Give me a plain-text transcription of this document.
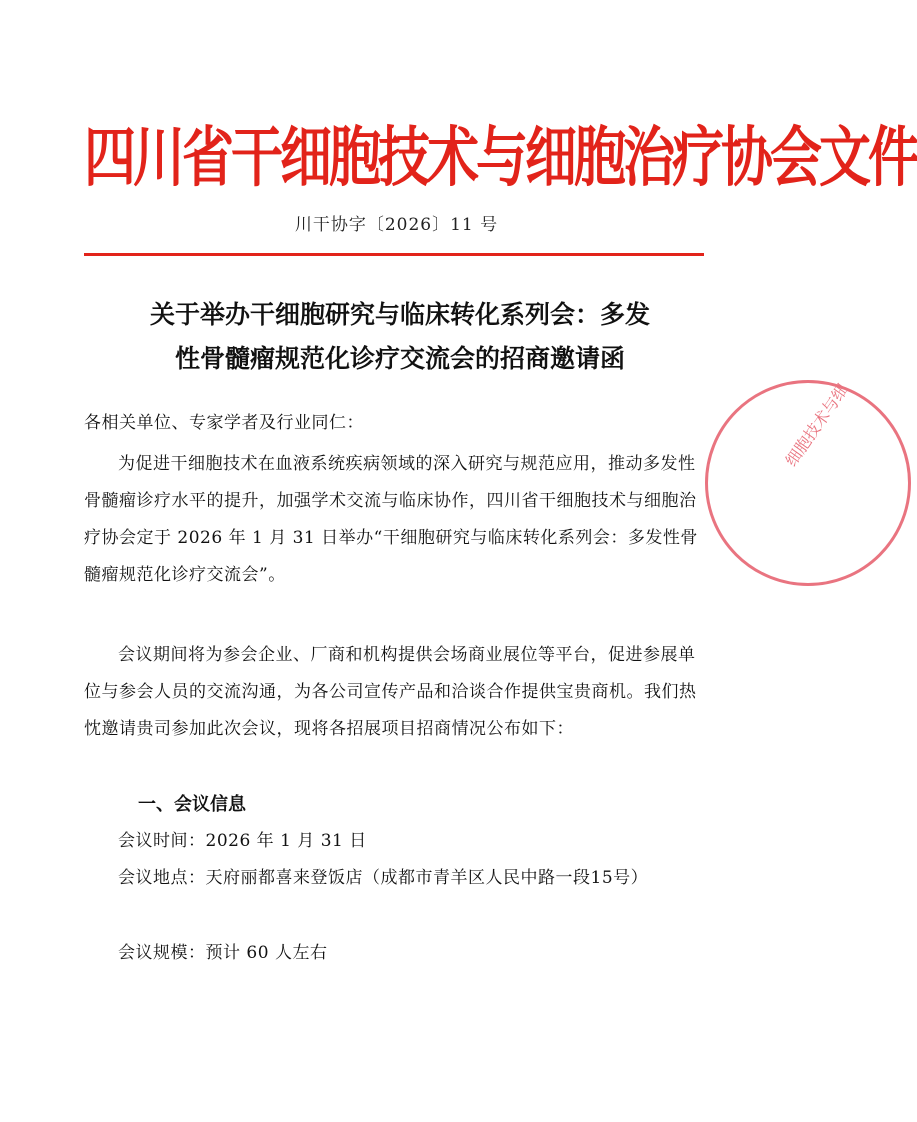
四川省干细胞技术与细胞治疗协会文件
川干协字〔2026〕11 号
关于举办干细胞研究与临床转化系列会：多发
性骨髓瘤规范化诊疗交流会的招商邀请函
各相关单位、专家学者及行业同仁：
为促进干细胞技术在血液系统疾病领域的深入研究与规范应用，推动多发性骨髓瘤诊疗水平的提升，加强学术交流与临床协作，四川省干细胞技术与细胞治疗协会定于 2026 年 1 月 31 日举办“干细胞研究与临床转化系列会：多发性骨髓瘤规范化诊疗交流会”。
会议期间将为参会企业、厂商和机构提供会场商业展位等平台，促进参展单位与参会人员的交流沟通，为各公司宣传产品和洽谈合作提供宝贵商机。我们热忱邀请贵司参加此次会议，现将各招展项目招商情况公布如下：
一、会议信息
会议时间：2026 年 1 月 31 日
会议地点：天府丽都喜来登饭店（成都市青羊区人民中路一段15号）
会议规模：预计 60 人左右
细胞技术与细
